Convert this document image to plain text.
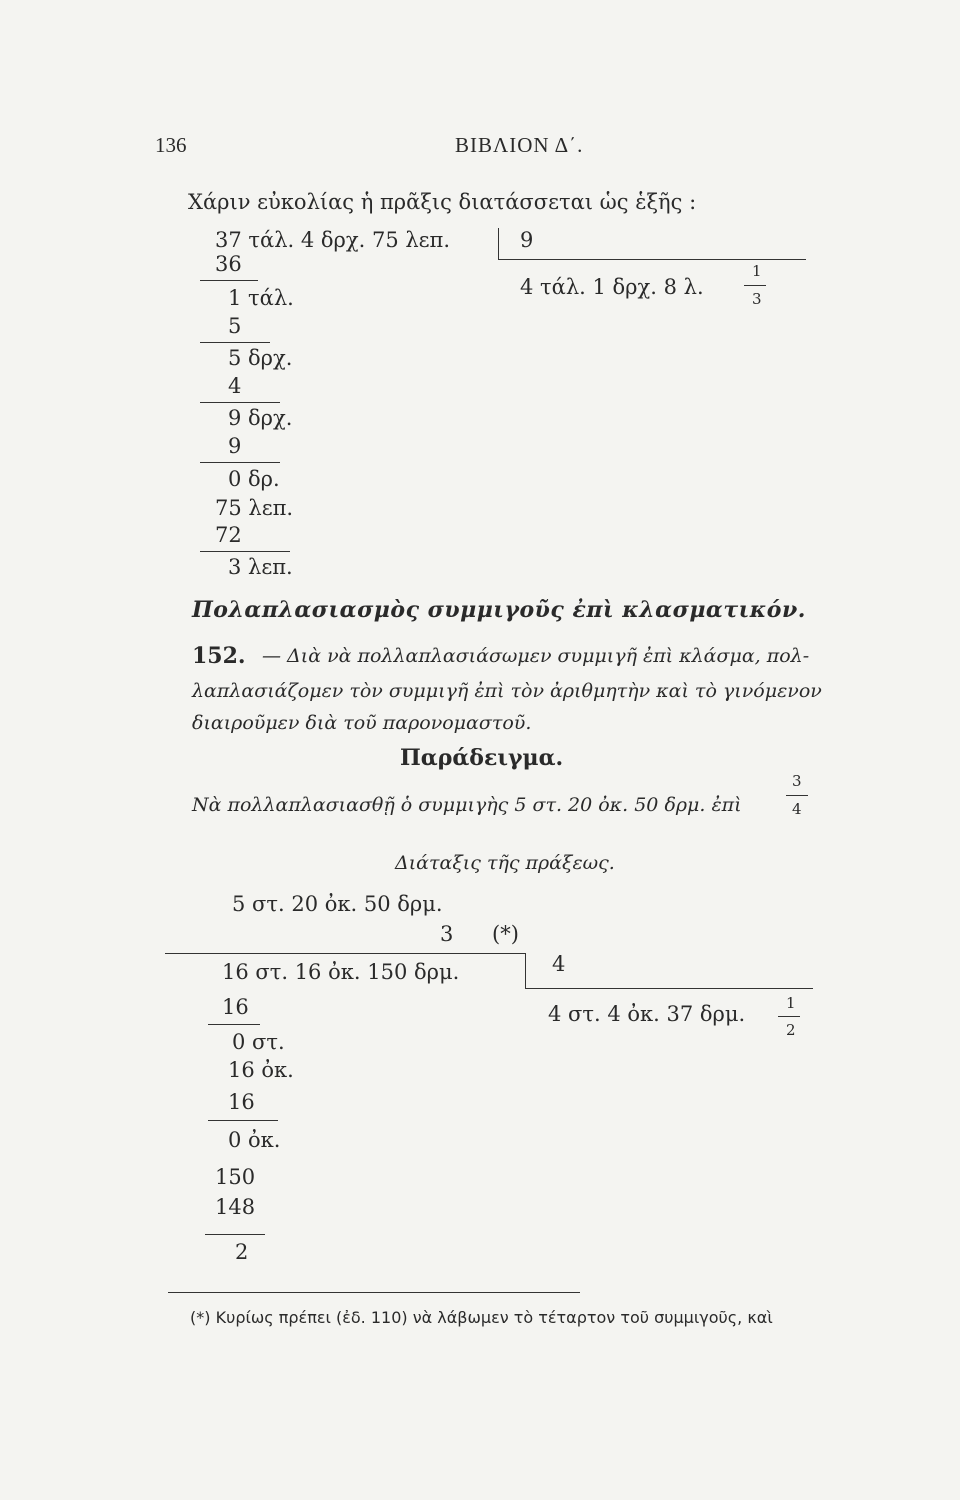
136	ΒΙΒΛΙΟΝ Δ΄.
Χάριν εὐκολίας ἡ πρᾶξις διατάσσεται ὡς ἑξῆς :
37 τάλ. 4 δρχ. 75 λεπ.	9
4 τάλ. 1 δρχ. 8 λ.
1
3
36
1 τάλ.
5
5 δρχ.
4
9 δρχ.
9
0 δρ.
75 λεπ.
72
3 λεπ.
Πολαπλασιασμὸς συμμιγοῦς ἐπὶ κλασματικόν.
152. — Διὰ νὰ πολλαπλασιάσωμεν συμμιγῆ ἐπὶ κλάσμα, πολ-
λαπλασιάζομεν τὸν συμμιγῆ ἐπὶ τὸν ἀριθμητὴν καὶ τὸ γινόμενον
διαιροῦμεν διὰ τοῦ παρονομαστοῦ.
Παράδειγμα.
Νὰ πολλαπλασιασθῇ ὁ συμμιγὴς 5 στ. 20 ὀκ. 50 δρμ. ἐπὶ
3
4
Διάταξις τῆς πράξεως.
5 στ. 20 ὀκ. 50 δρμ.
3 (*)
16 στ. 16 ὀκ. 150 δρμ.	4
4 στ. 4 ὀκ. 37 δρμ.	1
2
16
0 στ.
16 ὀκ.
16
0 ὀκ.
150
148
2
(*) Κυρίως πρέπει (ἐδ. 110) νὰ λάβωμεν τὸ τέταρτον τοῦ συμμιγοῦς, καὶ
